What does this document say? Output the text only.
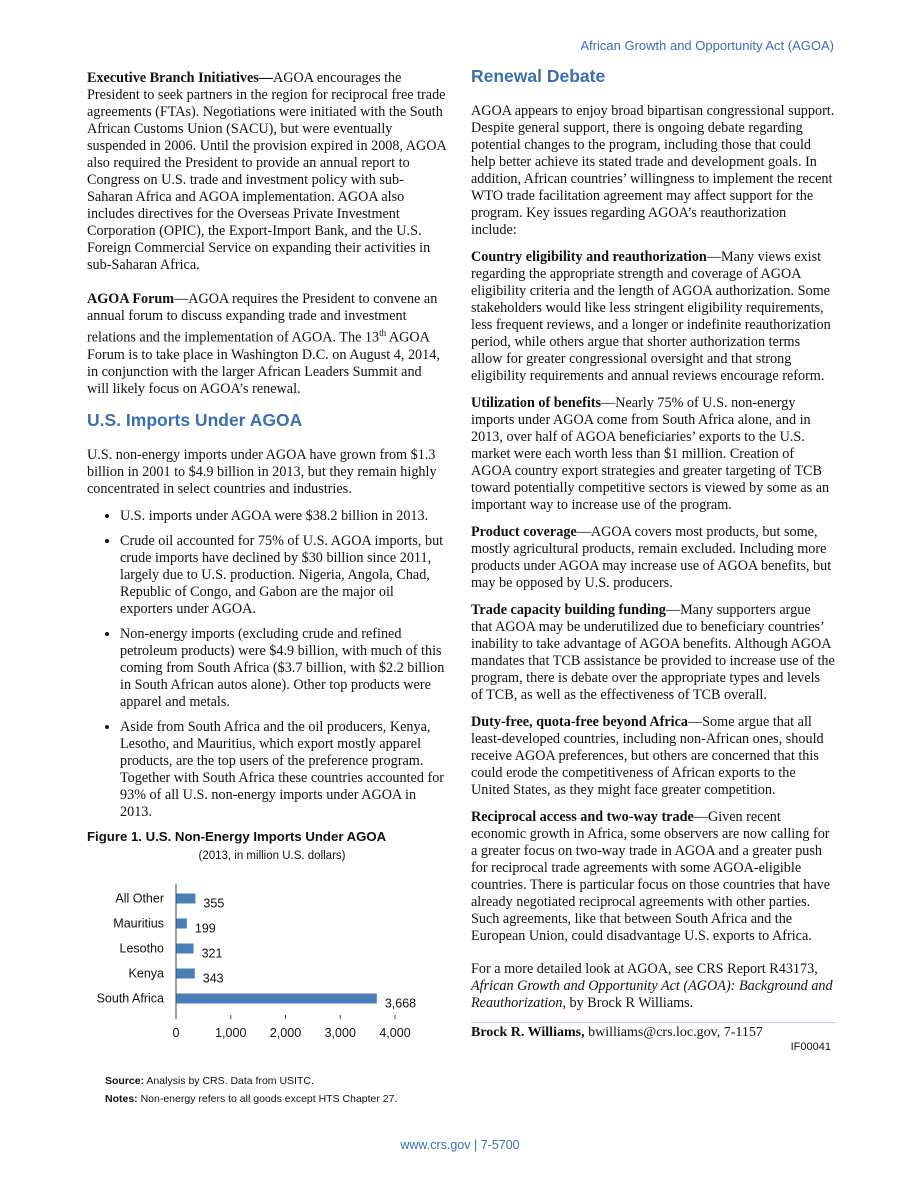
African Growth and Opportunity Act (AGOA)

Executive Branch Initiatives—AGOA encourages the President to seek partners in the region for reciprocal free trade agreements (FTAs). Negotiations were initiated with the South African Customs Union (SACU), but were eventually suspended in 2006. Until the provision expired in 2008, AGOA also required the President to provide an annual report to Congress on U.S. trade and investment policy with sub-Saharan Africa and AGOA implementation. AGOA also includes directives for the Overseas Private Investment Corporation (OPIC), the Export-Import Bank, and the U.S. Foreign Commercial Service on expanding their activities in sub-Saharan Africa.

AGOA Forum—AGOA requires the President to convene an annual forum to discuss expanding trade and investment relations and the implementation of AGOA. The 13th AGOA Forum is to take place in Washington D.C. on August 4, 2014, in conjunction with the larger African Leaders Summit and will likely focus on AGOA’s renewal.

U.S. Imports Under AGOA

U.S. non-energy imports under AGOA have grown from $1.3 billion in 2001 to $4.9 billion in 2013, but they remain highly concentrated in select countries and industries.

• U.S. imports under AGOA were $38.2 billion in 2013.
• Crude oil accounted for 75% of U.S. AGOA imports, but crude imports have declined by $30 billion since 2011, largely due to U.S. production. Nigeria, Angola, Chad, Republic of Congo, and Gabon are the major oil exporters under AGOA.
• Non-energy imports (excluding crude and refined petroleum products) were $4.9 billion, with much of this coming from South Africa ($3.7 billion, with $2.2 billion in South African autos alone). Other top products were apparel and metals.
• Aside from South Africa and the oil producers, Kenya, Lesotho, and Mauritius, which export mostly apparel products, are the top users of the preference program. Together with South Africa these countries accounted for 93% of all U.S. non-energy imports under AGOA in 2013.
Figure 1. U.S. Non-Energy Imports Under AGOA
(2013, in million U.S. dollars)
All Other	355
Mauritius 199
Lesotho	321
Kenya	343
South Africa	3,668
0	1,000 2,000 3,000 4,000
Source: Analysis by CRS. Data from USITC.
Notes: Non-energy refers to all goods except HTS Chapter 27.
Renewal Debate

AGOA appears to enjoy broad bipartisan congressional support. Despite general support, there is ongoing debate regarding potential changes to the program, including those that could help better achieve its stated trade and development goals. In addition, African countries’ willingness to implement the recent WTO trade facilitation agreement may affect support for the program. Key issues regarding AGOA’s reauthorization include:

Country eligibility and reauthorization—Many views exist regarding the appropriate strength and coverage of AGOA eligibility criteria and the length of AGOA authorization. Some stakeholders would like less stringent eligibility requirements, less frequent reviews, and a longer or indefinite reauthorization period, while others argue that shorter authorization terms allow for greater congressional oversight and that strong eligibility requirements and annual reviews encourage reform.

Utilization of benefits—Nearly 75% of U.S. non-energy imports under AGOA come from South Africa alone, and in 2013, over half of AGOA beneficiaries’ exports to the U.S. market were each worth less than $1 million. Creation of AGOA country export strategies and greater targeting of TCB toward potentially competitive sectors is viewed by some as an important way to increase use of the program.

Product coverage—AGOA covers most products, but some, mostly agricultural products, remain excluded. Including more products under AGOA may increase use of AGOA benefits, but may be opposed by U.S. producers.

Trade capacity building funding—Many supporters argue that AGOA may be underutilized due to beneficiary countries’ inability to take advantage of AGOA benefits. Although AGOA mandates that TCB assistance be provided to increase use of the program, there is debate over the appropriate types and levels of TCB, as well as the effectiveness of TCB overall.

Duty-free, quota-free beyond Africa—Some argue that all least-developed countries, including non-African ones, should receive AGOA preferences, but others are concerned that this could erode the competitiveness of African exports to the United States, as they might face greater competition.

Reciprocal access and two-way trade—Given recent economic growth in Africa, some observers are now calling for a greater focus on two-way trade in AGOA and a greater push for reciprocal trade agreements with some AGOA-eligible countries. There is particular focus on those countries that have already negotiated reciprocal agreements with other parties. Such agreements, like that between South Africa and the European Union, could disadvantage U.S. exports to Africa.

For a more detailed look at AGOA, see CRS Report R43173, African Growth and Opportunity Act (AGOA): Background and Reauthorization, by Brock R Williams.

Brock R. Williams, bwilliams@crs.loc.gov, 7-1157
IF00041
www.crs.gov | 7-5700
